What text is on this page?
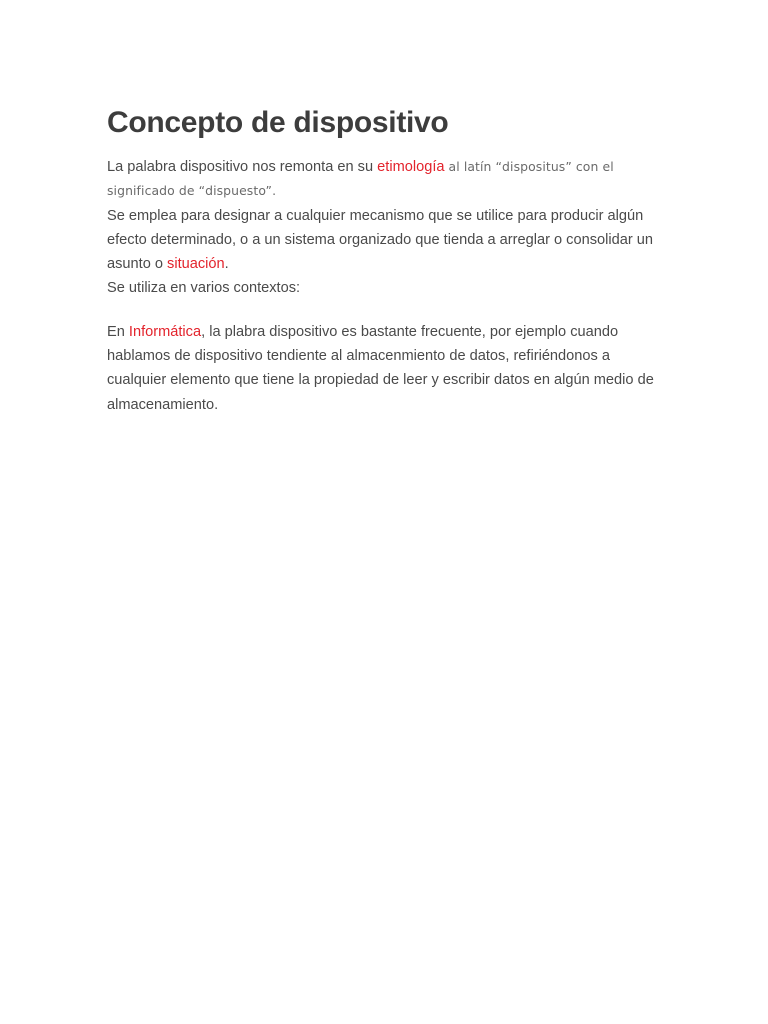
Concepto de dispositivo

La palabra dispositivo nos remonta en su etimología al latín “dispositus” con el
significado de “dispuesto”.

Se emplea para designar a cualquier mecanismo que se utilice para producir algún efecto determinado, o a un sistema organizado que tienda a arreglar o consolidar un asunto o situación.

Se utiliza en varios contextos:

En Informática, la plabra dispositivo es bastante frecuente, por ejemplo cuando hablamos de dispositivo tendiente al almacenmiento de datos, refiriéndonos a cualquier elemento que tiene la propiedad de leer y escribir datos en algún medio de almacenamiento.
